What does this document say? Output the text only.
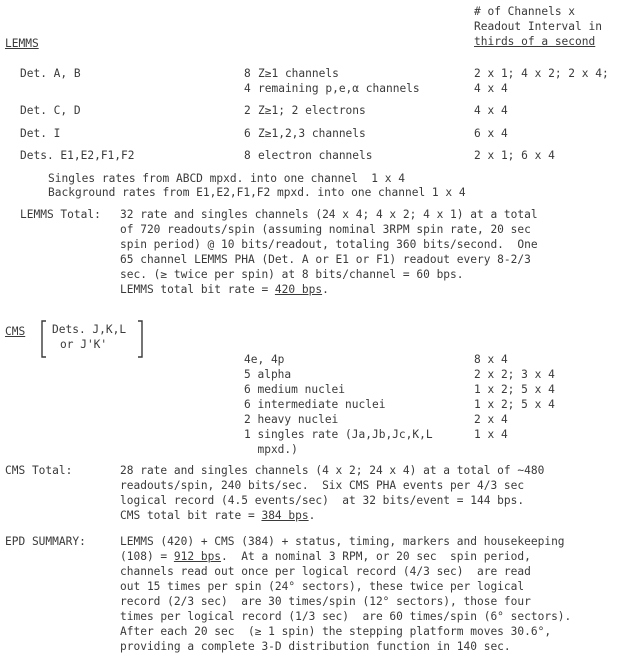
# of Channels x
Readout Interval in
thirds of a second
LEMMS
Det. A, B	8 Z≥1 channels	2 x 1; 4 x 2; 2 x 4;
4 remaining p,e,α channels	4 x 4
Det. C, D	2 Z≥1; 2 electrons	4 x 4
Det. I	6 Z≥1,2,3 channels	6 x 4
Dets. E1,E2,F1,F2	8 electron channels	2 x 1; 6 x 4
Singles rates from ABCD mpxd. into one channel  1 x 4
Background rates from E1,E2,F1,F2 mpxd. into one channel 1 x 4
LEMMS Total: 32 rate and singles channels (24 x 4; 4 x 2; 4 x 1) at a total
of 720 readouts/spin (assuming nominal 3RPM spin rate, 20 sec
spin period) @ 10 bits/readout, totaling 360 bits/second.  One
65 channel LEMMS PHA (Det. A or E1 or F1) readout every 8-2/3
sec. (≥ twice per spin) at 8 bits/channel = 60 bps.
LEMMS total bit rate = 420 bps.
CMS Dets. J,K,L
or J'K'
4e, 4p	8 x 4
5 alpha	2 x 2; 3 x 4
6 medium nuclei	1 x 2; 5 x 4
6 intermediate nuclei	1 x 2; 5 x 4
2 heavy nuclei	2 x 4
1 singles rate (Ja,Jb,Jc,K,L	1 x 4
mpxd.)
CMS Total:	28 rate and singles channels (4 x 2; 24 x 4) at a total of ~480
readouts/spin, 240 bits/sec.  Six CMS PHA events per 4/3 sec
logical record (4.5 events/sec)  at 32 bits/event = 144 bps.
CMS total bit rate = 384 bps.
EPD SUMMARY:	LEMMS (420) + CMS (384) + status, timing, markers and housekeeping
(108) = 912 bps.  At a nominal 3 RPM, or 20 sec  spin period,
channels read out once per logical record (4/3 sec)  are read
out 15 times per spin (24° sectors), these twice per logical
record (2/3 sec)  are 30 times/spin (12° sectors), those four
times per logical record (1/3 sec)  are 60 times/spin (6° sectors).
After each 20 sec  (≥ 1 spin) the stepping platform moves 30.6°,
providing a complete 3-D distribution function in 140 sec.
